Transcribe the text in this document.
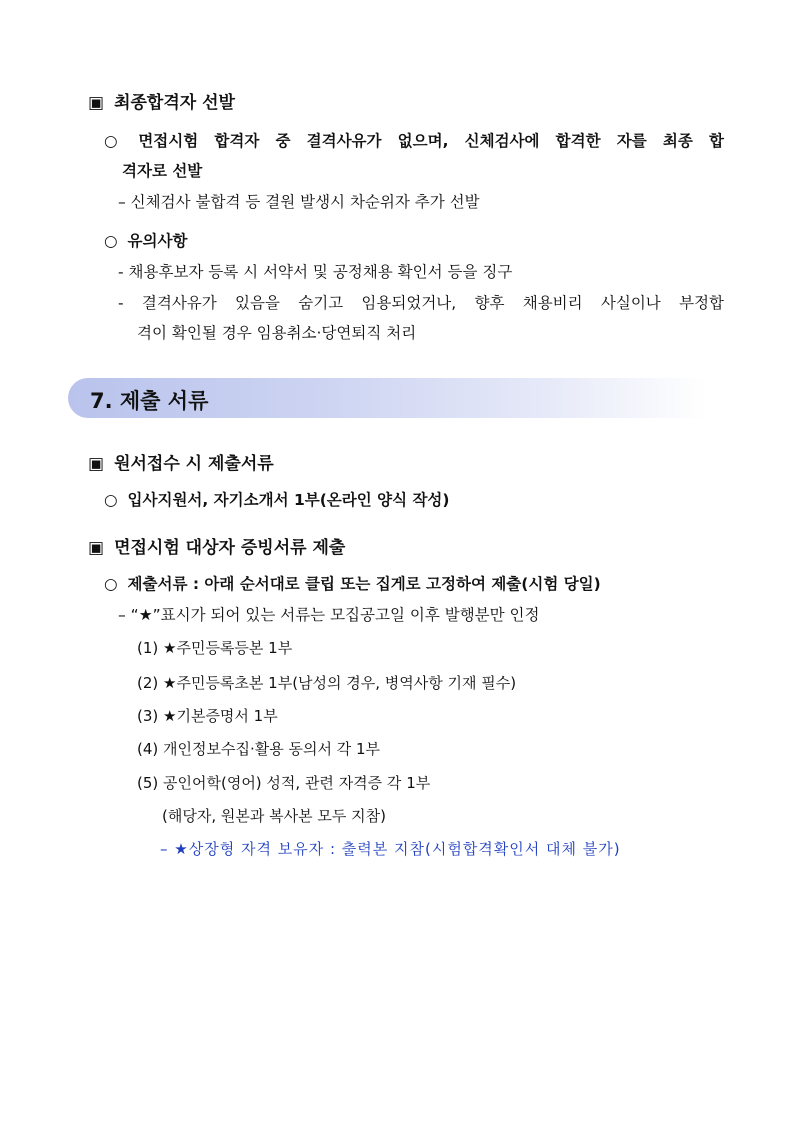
▣ 최종합격자 선발
○ 면접시험 합격자 중 결격사유가 없으며, 신체검사에 합격한 자를 최종 합
격자로 선발
– 신체검사 불합격 등 결원 발생시 차순위자 추가 선발
○ 유의사항
- 채용후보자 등록 시 서약서 및 공정채용 확인서 등을 징구
- 결격사유가 있음을 숨기고 임용되었거나, 향후 채용비리 사실이나 부정합
격이 확인될 경우 임용취소·당연퇴직 처리
7. 제출 서류
▣ 원서접수 시 제출서류
○ 입사지원서, 자기소개서 1부(온라인 양식 작성)
▣ 면접시험 대상자 증빙서류 제출
○ 제출서류 : 아래 순서대로 클립 또는 집게로 고정하여 제출(시험 당일)
– “★”표시가 되어 있는 서류는 모집공고일 이후 발행분만 인정
(1) ★주민등록등본 1부
(2) ★주민등록초본 1부(남성의 경우, 병역사항 기재 필수)
(3) ★기본증명서 1부
(4) 개인정보수집·활용 동의서 각 1부
(5) 공인어학(영어) 성적, 관련 자격증 각 1부
(해당자, 원본과 복사본 모두 지참)
– ★상장형 자격 보유자 : 출력본 지참(시험합격확인서 대체 불가)
